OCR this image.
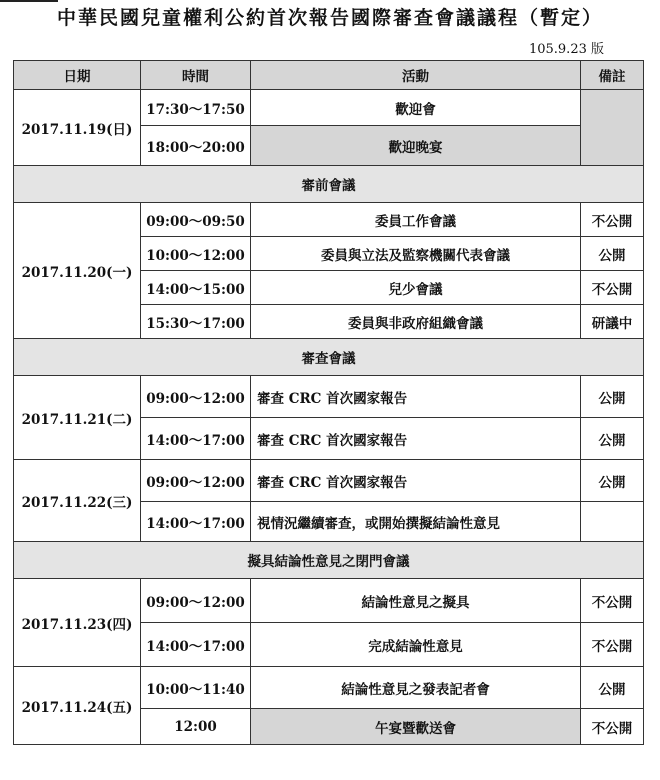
中華民國兒童權利公約首次報告國際審查會議議程（暫定）
105.9.23 版
日期	時間	活動	備註
2017.11.19(日)	17:30～17:50	歡迎會	
	18:00～20:00	歡迎晚宴	
審前會議			
2017.11.20(一)	09:00～09:50	委員工作會議	不公開
	10:00～12:00	委員與立法及監察機關代表會議	公開
	14:00～15:00	兒少會議	不公開
	15:30～17:00	委員與非政府組織會議	研議中
審查會議			
2017.11.21(二)	09:00～12:00	審查 CRC 首次國家報告	公開
	14:00～17:00	審查 CRC 首次國家報告	公開
2017.11.22(三)	09:00～12:00	審查 CRC 首次國家報告	公開
	14:00～17:00	視情況繼續審查，或開始撰擬結論性意見	
擬具結論性意見之閉門會議			
2017.11.23(四)	09:00～12:00	結論性意見之擬具	不公開
	14:00～17:00	完成結論性意見	不公開
2017.11.24(五)	10:00～11:40	結論性意見之發表記者會	公開
	12:00	午宴暨歡送會	不公開
